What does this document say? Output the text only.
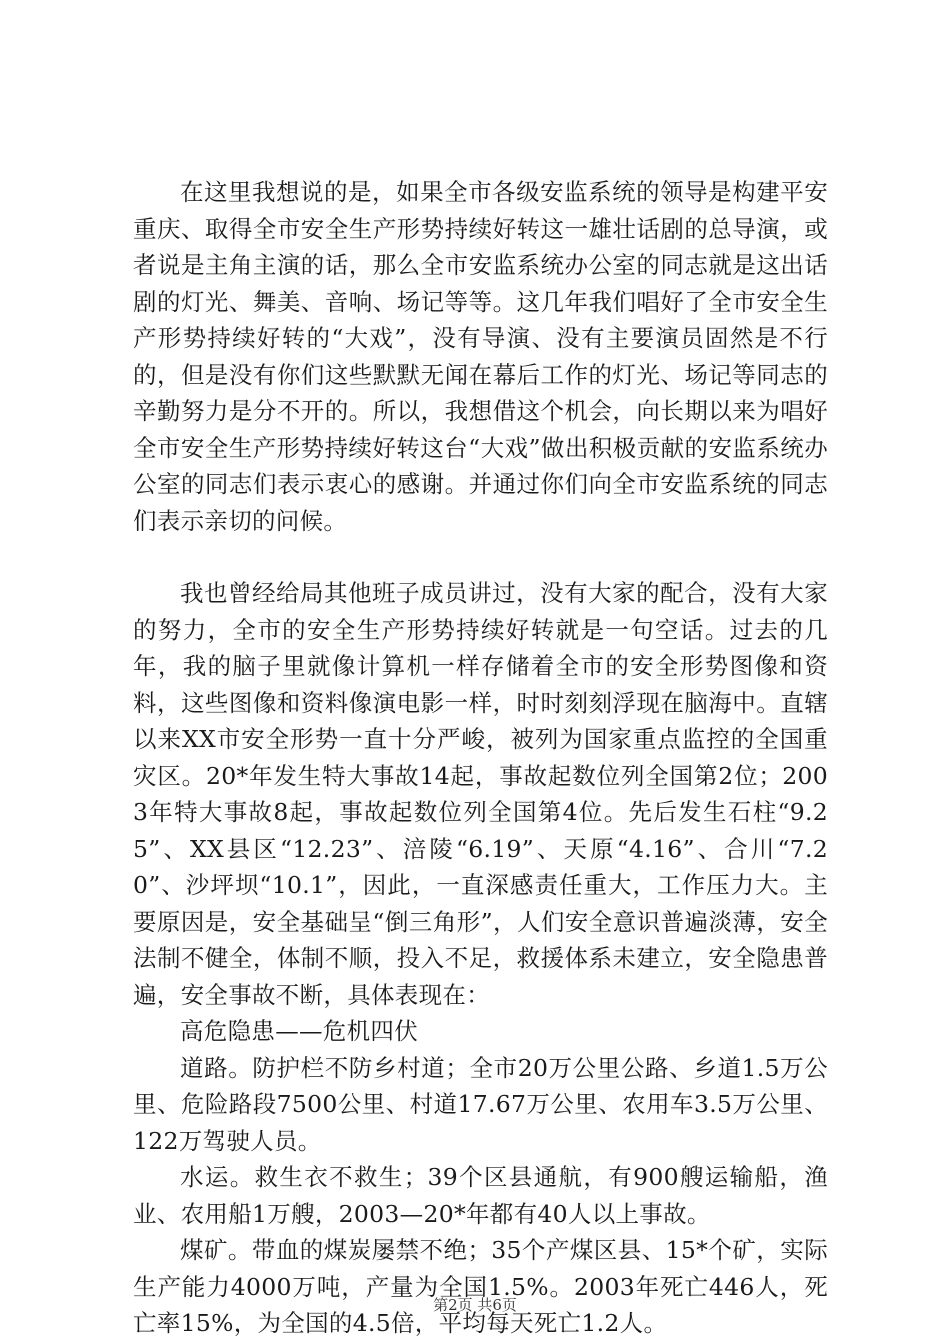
在这里我想说的是，如果全市各级安监系统的领导是构建平安重庆、取得全市安全生产形势持续好转这一雄壮话剧的总导演，或者说是主角主演的话，那么全市安监系统办公室的同志就是这出话剧的灯光、舞美、音响、场记等等。这几年我们唱好了全市安全生产形势持续好转的“大戏”，没有导演、没有主要演员固然是不行的，但是没有你们这些默默无闻在幕后工作的灯光、场记等同志的辛勤努力是分不开的。所以，我想借这个机会，向长期以来为唱好全市安全生产形势持续好转这台“大戏”做出积极贡献的安监系统办公室的同志们表示衷心的感谢。并通过你们向全市安监系统的同志们表示亲切的问候。

我也曾经给局其他班子成员讲过，没有大家的配合，没有大家的努力，全市的安全生产形势持续好转就是一句空话。过去的几年，我的脑子里就像计算机一样存储着全市的安全形势图像和资料，这些图像和资料像演电影一样，时时刻刻浮现在脑海中。直辖以来XX市安全形势一直十分严峻，被列为国家重点监控的全国重灾区。20*年发生特大事故14起，事故起数位列全国第2位；2003年特大事故8起，事故起数位列全国第4位。先后发生石柱“9.25”、XX县区“12.23”、涪陵“6.19”、天原“4.16”、合川“7.20”、沙坪坝“10.1”，因此，一直深感责任重大，工作压力大。主要原因是，安全基础呈“倒三角形”，人们安全意识普遍淡薄，安全法制不健全，体制不顺，投入不足，救援体系未建立，安全隐患普遍，安全事故不断，具体表现在：

高危隐患——危机四伏

道路。防护栏不防乡村道；全市20万公里公路、乡道1.5万公里、危险路段7500公里、村道17.67万公里、农用车3.5万公里、122万驾驶人员。

水运。救生衣不救生；39个区县通航，有900艘运输船，渔业、农用船1万艘，2003—20*年都有40人以上事故。

煤矿。带血的煤炭屡禁不绝；35个产煤区县、15*个矿，实际生产能力4000万吨，产量为全国1.5%。2003年死亡446人，死亡率15%，为全国的4.5倍，平均每天死亡1.2人。

第2页 共6页
